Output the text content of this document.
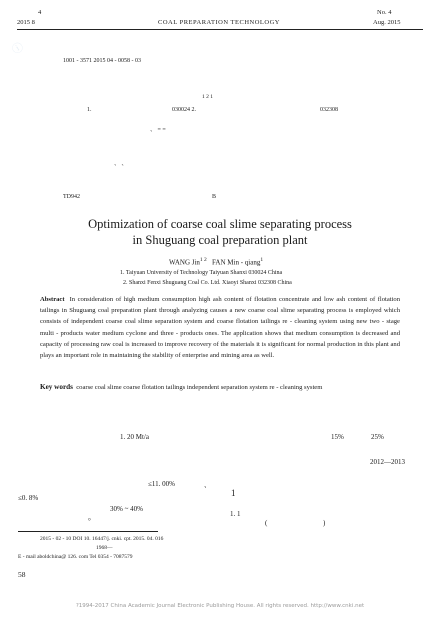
ⓘ
4
2015 8	COAL PREPARATION TECHNOLOGY
No. 4
Aug. 2015
1001 - 3571 2015 04 - 0058 - 03
1 2 1
1.	030024 2.	032308
、 = =
、 、
TD942	B
Optimization of coarse coal slime separating process
in Shuguang coal preparation plant
WANG Jin$^{1 2}$ FAN Min - qiang$^1$
1. Taiyuan University of Technology Taiyuan Shanxi 030024 China
2. Shanxi Fenxi Shuguang Coal Co. Ltd. Xiaoyi Shanxi 032308 China
Abstract In consideration of high medium consumption high ash content of flotation concentrate and low ash content of flotation tailings in Shuguang coal preparation plant through analyzing causes a new coarse coal slime separating process is employed which consists of independent coarse coal slime separation system and coarse flotation tailings re - cleaning system using new two - stage multi - products water medium cyclone and three - products ones. The application shows that medium consumption is decreased and capacity of processing raw coal is increased to improve recovery of the materials it is significant for normal production in this plant and plays an important role in maintaining the stability of enterprise and mining area as well.
Key words coarse coal slime coarse flotation tailings independent separation system re - cleaning system
1. 20 Mt/a	15%	25%
2012—2013
≤11. 00%	、
≤0. 8%	1
30% ~ 40%
1. 1
°	(	)
2015 - 02 - 10 DOI 10. 16447/j. cnki. cpt. 2015. 04. 016
1968—
E - mail aboldchina@ 126. com Tel 0354 - 7087579
58
?1994-2017 China Academic Journal Electronic Publishing House. All rights reserved. http://www.cnki.net
